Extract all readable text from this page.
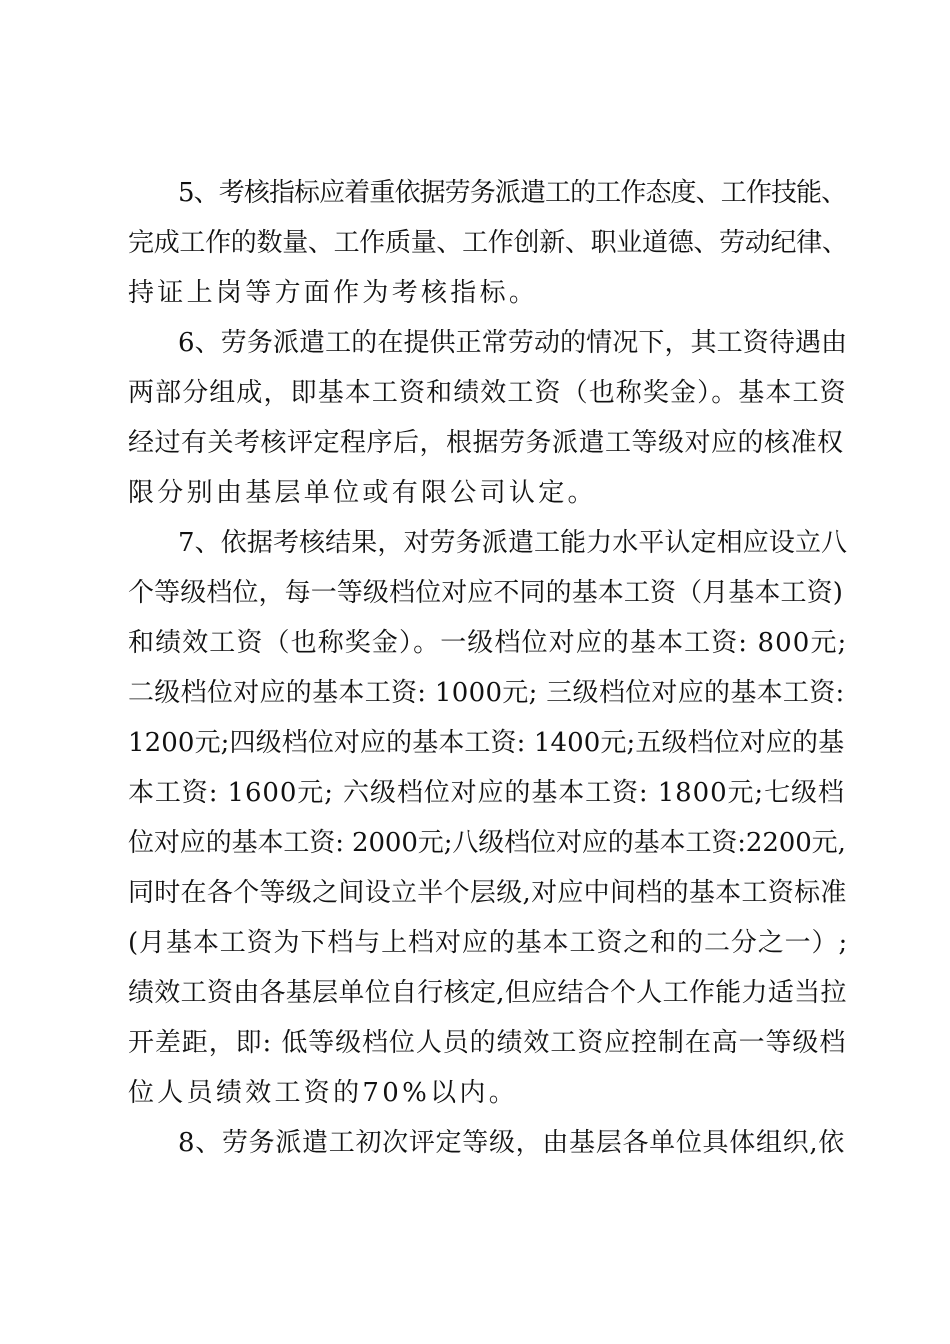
5、考核指标应着重依据劳务派遣工的工作态度、工作技能、
完成工作的数量、工作质量、工作创新、职业道德、劳动纪律、
持证上岗等方面作为考核指标。
6、劳务派遣工的在提供正常劳动的情况下，其工资待遇由
两部分组成，即基本工资和绩效工资（也称奖金）。基本工资
经过有关考核评定程序后，根据劳务派遣工等级对应的核准权
限分别由基层单位或有限公司认定。
7、依据考核结果，对劳务派遣工能力水平认定相应设立八
个等级档位，每一等级档位对应不同的基本工资（月基本工资)
和绩效工资（也称奖金）。一级档位对应的基本工资: 800元;
二级档位对应的基本工资: 1000元; 三级档位对应的基本工资:
1200元;四级档位对应的基本工资: 1400元;五级档位对应的基
本工资: 1600元; 六级档位对应的基本工资: 1800元;七级档
位对应的基本工资: 2000元;八级档位对应的基本工资:2200元,
同时在各个等级之间设立半个层级,对应中间档的基本工资标准
(月基本工资为下档与上档对应的基本工资之和的二分之一）;
绩效工资由各基层单位自行核定,但应结合个人工作能力适当拉
开差距，即: 低等级档位人员的绩效工资应控制在高一等级档
位人员绩效工资的70%以内。
8、劳务派遣工初次评定等级，由基层各单位具体组织,依
